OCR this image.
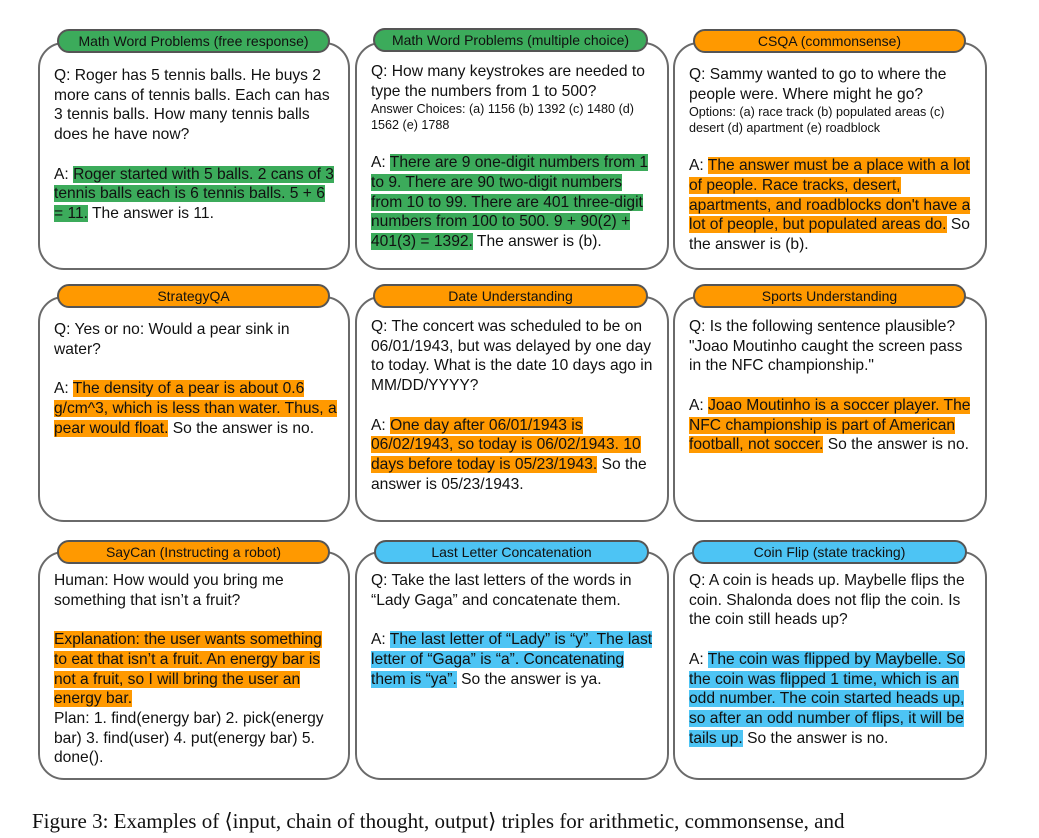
Q: Roger has 5 tennis balls. He buys 2 more cans of tennis balls. Each can has 3 tennis balls. How many tennis balls does he have now?

A: Roger started with 5 balls. 2 cans of 3 tennis balls each is 6 tennis balls. 5 + 6 = 11. The answer is 11.

Math Word Problems (free response)

Q: How many keystrokes are needed to type the numbers from 1 to 500?

Answer Choices: (a) 1156 (b) 1392 (c) 1480 (d) 1562 (e) 1788

A: There are 9 one-digit numbers from 1 to 9. There are 90 two-digit numbers from 10 to 99. There are 401 three-digit numbers from 100 to 500. 9 + 90(2) + 401(3) = 1392. The answer is (b).

Math Word Problems (multiple choice)

Q: Sammy wanted to go to where the people were. Where might he go?

Options: (a) race track (b) populated areas (c) desert (d) apartment (e) roadblock

A: The answer must be a place with a lot of people. Race tracks, desert, apartments, and roadblocks don't have a lot of people, but populated areas do. So the answer is (b).

CSQA (commonsense)

Q: Yes or no: Would a pear sink in water?

A: The density of a pear is about 0.6 g/cm^3, which is less than water. Thus, a pear would float. So the answer is no.

StrategyQA

Q: The concert was scheduled to be on 06/01/1943, but was delayed by one day to today. What is the date 10 days ago in MM/DD/YYYY?

A: One day after 06/01/1943 is 06/02/1943, so today is 06/02/1943. 10 days before today is 05/23/1943. So the answer is 05/23/1943.

Date Understanding

Q: Is the following sentence plausible? "Joao Moutinho caught the screen pass in the NFC championship."

A: Joao Moutinho is a soccer player. The NFC championship is part of American football, not soccer. So the answer is no.

Sports Understanding

Human: How would you bring me something that isn’t a fruit?

Explanation: the user wants something to eat that isn’t a fruit. An energy bar is not a fruit, so I will bring the user an energy bar.

Plan: 1. find(energy bar) 2. pick(energy bar) 3. find(user) 4. put(energy bar) 5. done().

SayCan (Instructing a robot)

Q: Take the last letters of the words in “Lady Gaga” and concatenate them.

A: The last letter of “Lady” is “y”. The last letter of “Gaga” is “a”. Concatenating them is “ya”. So the answer is ya.

Last Letter Concatenation

Q: A coin is heads up. Maybelle flips the coin. Shalonda does not flip the coin. Is the coin still heads up?

A: The coin was flipped by Maybelle. So the coin was flipped 1 time, which is an odd number. The coin started heads up, so after an odd number of flips, it will be tails up. So the answer is no.

Coin Flip (state tracking)
Figure 3: Examples of ⟨input, chain of thought, output⟩ triples for arithmetic, commonsense, and
